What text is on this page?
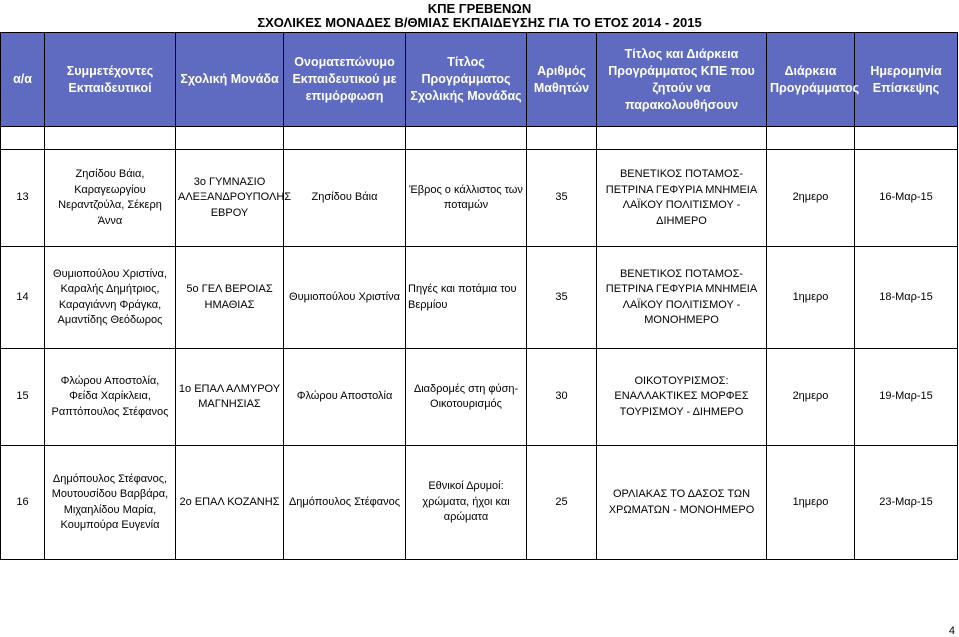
ΚΠΕ ΓΡΕΒΕΝΩΝ
ΣΧΟΛΙΚΕΣ ΜΟΝΑΔΕΣ Β/ΘΜΙΑΣ ΕΚΠΑΙΔΕΥΣΗΣ ΓΙΑ ΤΟ ΕΤΟΣ 2014 - 2015
α/α	Συμμετέχοντες Εκπαιδευτικοί	Σχολική Μονάδα	Ονοματεπώνυμο Εκπαιδευτικού με επιμόρφωση	Τίτλος Προγράμματος Σχολικής Μονάδας	Αριθμός Μαθητών	Τίτλος και Διάρκεια Προγράμματος ΚΠΕ που ζητούν να παρακολουθήσουν	Διάρκεια Προγράμματος	Ημερομηνία Επίσκεψης

13	Ζησίδου Βάια, Καραγεωργίου Νεραντζούλα, Σέκερη Άννα	3ο ΓΥΜΝΑΣΙΟ ΑΛΕΞΑΝΔΡΟΥΠΟΛΗΣ ΕΒΡΟΥ	Ζησίδου Βάια	Έβρος ο κάλλιστος των ποταμών	35	ΒΕΝΕΤΙΚΟΣ ΠΟΤΑΜΟΣ-ΠΕΤΡΙΝΑ ΓΕΦΥΡΙΑ ΜΝΗΜΕΙΑ ΛΑΪΚΟΥ ΠΟΛΙΤΙΣΜΟΥ - ΔΙΗΜΕΡΟ	2ημερο	16-Μαρ-15
14	Θυμιοπούλου Χριστίνα, Καραλής Δημήτριος, Καραγιάννη Φράγκα, Αμαντίδης Θεόδωρος	5ο ΓΕΛ ΒΕΡΟΙΑΣ ΗΜΑΘΙΑΣ	Θυμιοπούλου Χριστίνα	Πηγές και ποτάμια του Βερμίου	35	ΒΕΝΕΤΙΚΟΣ ΠΟΤΑΜΟΣ-ΠΕΤΡΙΝΑ ΓΕΦΥΡΙΑ ΜΝΗΜΕΙΑ ΛΑΪΚΟΥ ΠΟΛΙΤΙΣΜΟΥ - ΜΟΝΟΗΜΕΡΟ	1ημερο	18-Μαρ-15
15	Φλώρου Αποστολία, Φείδα Χαρίκλεια, Ραπτόπουλος Στέφανος	1ο ΕΠΑΛ ΑΛΜΥΡΟΥ ΜΑΓΝΗΣΙΑΣ	Φλώρου Αποστολία	Διαδρομές στη φύση-Οικοτουρισμός	30	ΟΙΚΟΤΟΥΡΙΣΜΟΣ: ΕΝΑΛΛΑΚΤΙΚΕΣ ΜΟΡΦΕΣ ΤΟΥΡΙΣΜΟΥ - ΔΙΗΜΕΡΟ	2ημερο	19-Μαρ-15
16	Δημόπουλος Στέφανος, Μουτουσίδου Βαρβάρα, Μιχαηλίδου Μαρία, Κουμπούρα Ευγενία	2ο ΕΠΑΛ ΚΟΖΑΝΗΣ	Δημόπουλος Στέφανος	Εθνικοί Δρυμοί: χρώματα, ήχοι και αρώματα	25	ΟΡΛΙΑΚΑΣ ΤΟ ΔΑΣΟΣ ΤΩΝ ΧΡΩΜΑΤΩΝ - ΜΟΝΟΗΜΕΡΟ	1ημερο	23-Μαρ-15
4
